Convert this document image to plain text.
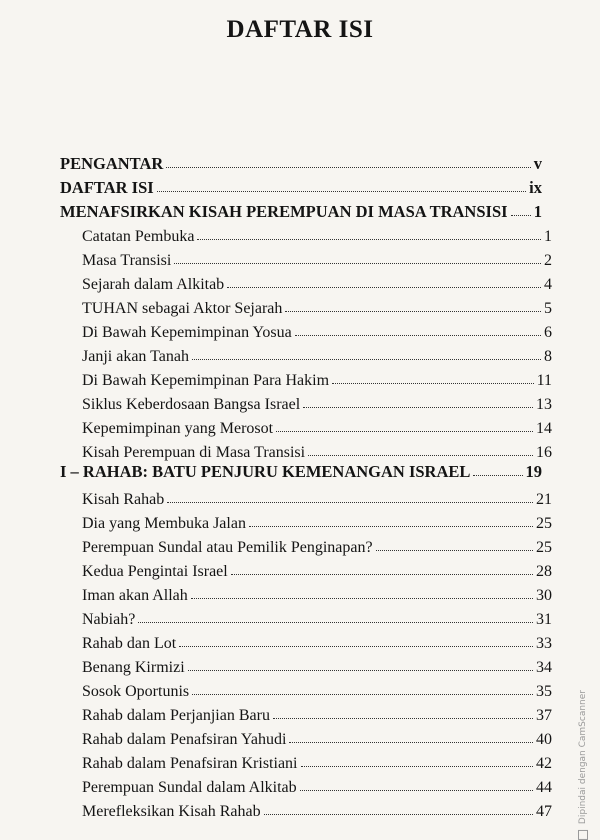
DAFTAR ISI
PENGANTAR	v
DAFTAR ISI	ix
MENAFSIRKAN KISAH PEREMPUAN DI MASA TRANSISI 1
Catatan Pembuka	1
Masa Transisi	2
Sejarah dalam Alkitab	4
TUHAN sebagai Aktor Sejarah	5
Di Bawah Kepemimpinan Yosua	6
Janji akan Tanah	8
Di Bawah Kepemimpinan Para Hakim	11
Siklus Keberdosaan Bangsa Israel	13
Kepemimpinan yang Merosot	14
Kisah Perempuan di Masa Transisi	16
I – RAHAB: BATU PENJURU KEMENANGAN ISRAEL	19
Kisah Rahab	21
Dia yang Membuka Jalan	25
Perempuan Sundal atau Pemilik Penginapan?	25
Kedua Pengintai Israel	28
Iman akan Allah	30
Nabiah?	31
Rahab dan Lot	33
Benang Kirmizi	34
Sosok Oportunis	35
Rahab dalam Perjanjian Baru	37
Rahab dalam Penafsiran Yahudi	40
Rahab dalam Penafsiran Kristiani	42
Perempuan Sundal dalam Alkitab	44
Merefleksikan Kisah Rahab	47	Dipindai dengan CamScanner
